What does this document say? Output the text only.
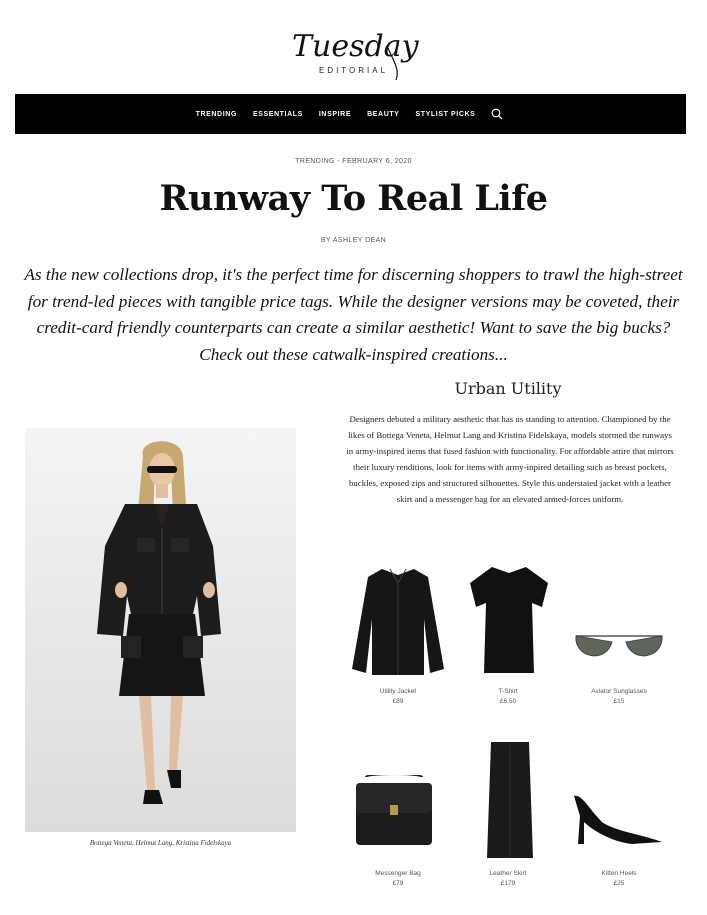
Tuesday
EDITORIAL
TRENDING ESSENTIALS INSPIRE BEAUTY STYLIST PICKS
TRENDING - FEBRUARY 6, 2020
Runway To Real Life
BY ASHLEY DEAN

As the new collections drop, it's the perfect time for discerning shoppers to trawl the high-street for trend-led pieces with tangible price tags. While the designer versions may be coveted, their credit-card friendly counterparts can create a similar aesthetic! Want to save the big bucks? Check out these catwalk-inspired creations...

Bottega Veneta, Helmut Lang, Kristina Fidelskaya
Urban Utility

Designers debuted a military aesthetic that has us standing to attention. Championed by the likes of Bottega Veneta, Helmut Lang and Kristina Fidelskaya, models stormed the runways in army-inspired items that fused fashion with functionality. For affordable attire that mirrors their luxury renditions, look for items with army-inpired detailing such as breast pockets, buckles, exposed zips and structured silhouettes. Style this understated jacket with a leather skirt and a messenger bag for an elevated armed-forces uniform.

Utility Jacket
£89
T-Shirt
£6.50
Aviator Sunglasses
£15
Messenger Bag
£79
Leather Skirt
£179
Kitten Heels
£25
